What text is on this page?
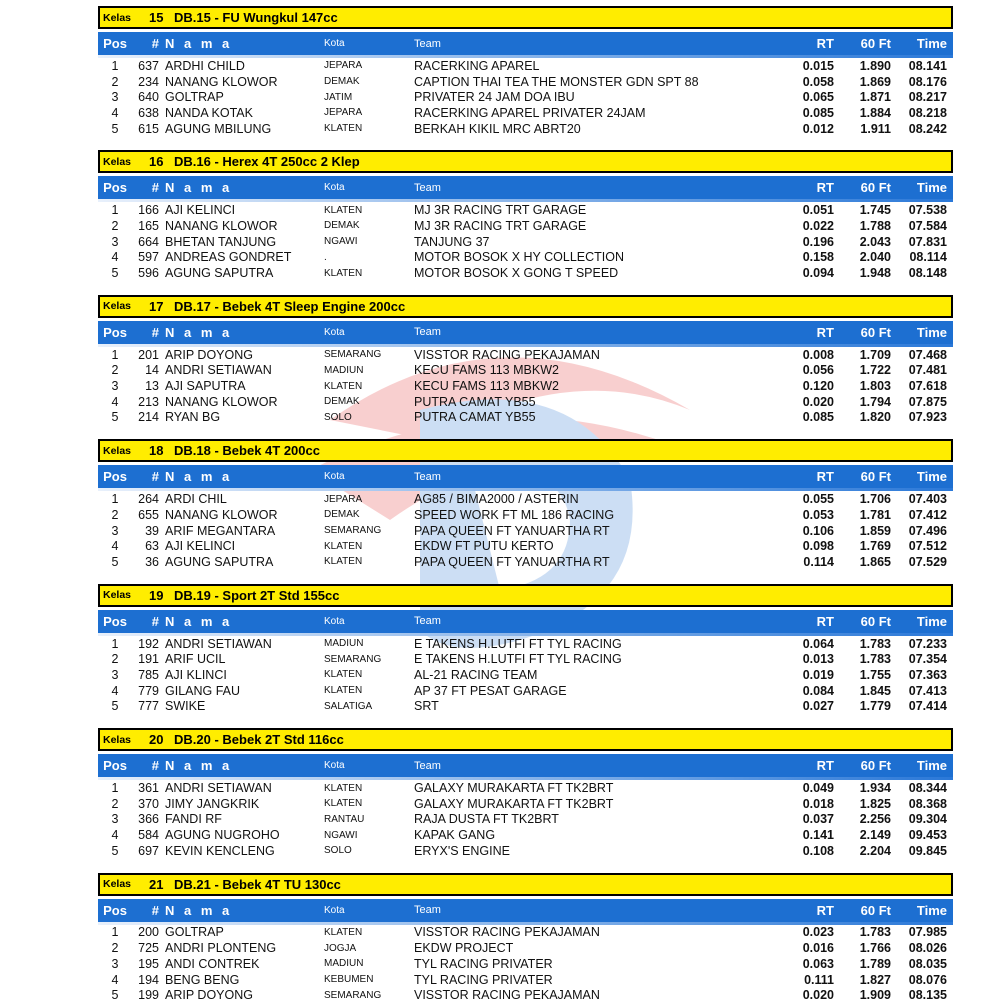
Kelas	15 DB.15 - FU Wungkul 147cc
Pos	# N a m a	Kota	Team	RT	60 Ft	Time
1	637 ARDHI CHILD	JEPARA	RACERKING APAREL	0.015	1.890	08.141
2	234 NANANG KLOWOR	DEMAK	CAPTION THAI TEA THE MONSTER GDN SPT 88	0.058	1.869	08.176
3	640 GOLTRAP	JATIM	PRIVATER 24 JAM DOA IBU	0.065	1.871	08.217
4	638 NANDA KOTAK	JEPARA	RACERKING APAREL PRIVATER 24JAM	0.085	1.884	08.218
5	615 AGUNG MBILUNG	KLATEN	BERKAH KIKIL MRC ABRT20	0.012	1.911	08.242
Kelas	16 DB.16 - Herex 4T 250cc 2 Klep
Pos	# N a m a	Kota	Team	RT	60 Ft	Time
1	166 AJI KELINCI	KLATEN	MJ 3R RACING TRT GARAGE	0.051	1.745	07.538
2	165 NANANG KLOWOR	DEMAK	MJ 3R RACING TRT GARAGE	0.022	1.788	07.584
3	664 BHETAN TANJUNG	NGAWI	TANJUNG 37	0.196	2.043	07.831
4	597 ANDREAS GONDRET	.	MOTOR BOSOK X HY COLLECTION	0.158	2.040	08.114
5	596 AGUNG SAPUTRA	KLATEN	MOTOR BOSOK X GONG T SPEED	0.094	1.948	08.148
Kelas	17 DB.17 - Bebek 4T Sleep Engine 200cc
Pos	# N a m a	Kota	Team	RT	60 Ft	Time
1	201 ARIP DOYONG	SEMARANG	VISSTOR RACING PEKAJAMAN	0.008	1.709	07.468
2	14 ANDRI SETIAWAN	MADIUN	KECU FAMS 113 MBKW2	0.056	1.722	07.481
3	13 AJI SAPUTRA	KLATEN	KECU FAMS 113 MBKW2	0.120	1.803	07.618
4	213 NANANG KLOWOR	DEMAK	PUTRA CAMAT YB55	0.020	1.794	07.875
5	214 RYAN BG	SOLO	PUTRA CAMAT YB55	0.085	1.820	07.923
Kelas	18 DB.18 - Bebek 4T 200cc
Pos	# N a m a	Kota	Team	RT	60 Ft	Time
1	264 ARDI CHIL	JEPARA	AG85 / BIMA2000 / ASTERIN	0.055	1.706	07.403
2	655 NANANG KLOWOR	DEMAK	SPEED WORK FT ML 186 RACING	0.053	1.781	07.412
3	39 ARIF MEGANTARA	SEMARANG	PAPA QUEEN FT YANUARTHA RT	0.106	1.859	07.496
4	63 AJI KELINCI	KLATEN	EKDW FT PUTU KERTO	0.098	1.769	07.512
5	36 AGUNG SAPUTRA	KLATEN	PAPA QUEEN FT YANUARTHA RT	0.114	1.865	07.529
Kelas	19 DB.19 - Sport 2T Std 155cc
Pos	# N a m a	Kota	Team	RT	60 Ft	Time
1	192 ANDRI SETIAWAN	MADIUN	E TAKENS H.LUTFI FT TYL RACING	0.064	1.783	07.233
2	191 ARIF UCIL	SEMARANG	E TAKENS H.LUTFI FT TYL RACING	0.013	1.783	07.354
3	785 AJI KLINCI	KLATEN	AL-21 RACING TEAM	0.019	1.755	07.363
4	779 GILANG FAU	KLATEN	AP 37 FT PESAT GARAGE	0.084	1.845	07.413
5	777 SWIKE	SALATIGA	SRT	0.027	1.779	07.414
Kelas	20 DB.20 - Bebek 2T Std 116cc
Pos	# N a m a	Kota	Team	RT	60 Ft	Time
1	361 ANDRI SETIAWAN	KLATEN	GALAXY MURAKARTA FT TK2BRT	0.049	1.934	08.344
2	370 JIMY JANGKRIK	KLATEN	GALAXY MURAKARTA FT TK2BRT	0.018	1.825	08.368
3	366 FANDI RF	RANTAU	RAJA DUSTA FT TK2BRT	0.037	2.256	09.304
4	584 AGUNG NUGROHO	NGAWI	KAPAK GANG	0.141	2.149	09.453
5	697 KEVIN KENCLENG	SOLO	ERYX'S ENGINE	0.108	2.204	09.845
Kelas	21 DB.21 - Bebek 4T TU 130cc
Pos	# N a m a	Kota	Team	RT	60 Ft	Time
1	200 GOLTRAP	KLATEN	VISSTOR RACING PEKAJAMAN	0.023	1.783	07.985
2	725 ANDRI PLONTENG	JOGJA	EKDW PROJECT	0.016	1.766	08.026
3	195 ANDI CONTREK	MADIUN	TYL RACING PRIVATER	0.063	1.789	08.035
4	194 BENG BENG	KEBUMEN	TYL RACING PRIVATER	0.111	1.827	08.076
5	199 ARIP DOYONG	SEMARANG	VISSTOR RACING PEKAJAMAN	0.020	1.909	08.135
